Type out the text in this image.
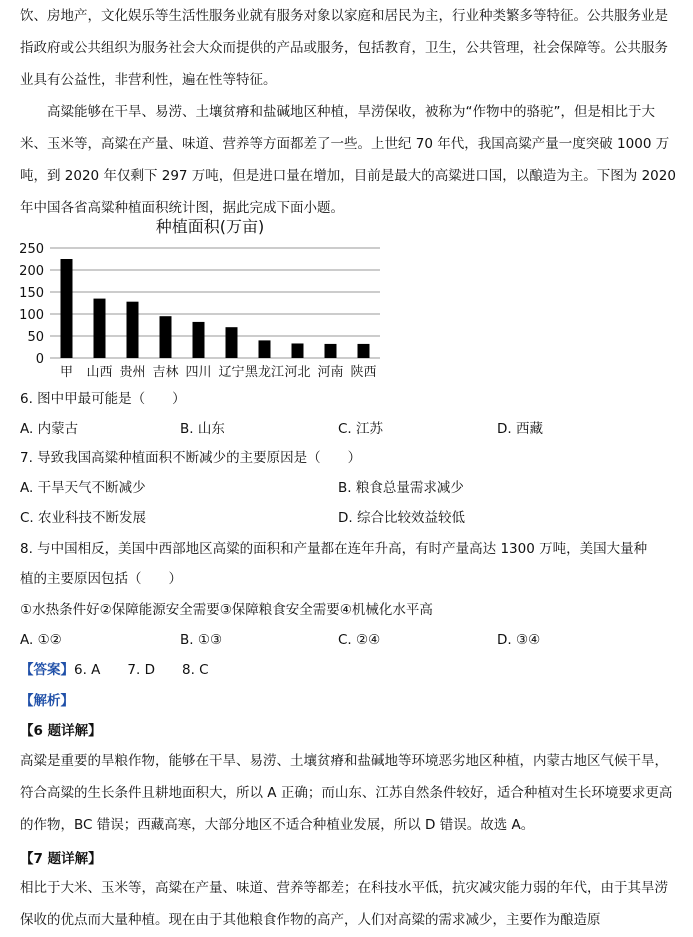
饮、房地产，文化娱乐等生活性服务业就有服务对象以家庭和居民为主，行业种类繁多等特征。公共服务业是指政府或公共组织为服务社会大众而提供的产品或服务，包括教育，卫生，公共管理，社会保障等。公共服务业具有公益性，非营利性，遍在性等特征。
高粱能够在干旱、易涝、土壤贫瘠和盐碱地区种植，旱涝保收，被称为“作物中的骆驼”，但是相比于大米、玉米等，高粱在产量、味道、营养等方面都差了一些。上世纪 70 年代，我国高粱产量一度突破 1000 万吨，到 2020 年仅剩下 297 万吨，但是进口量在增加，目前是最大的高粱进口国，以酿造为主。下图为 2020 年中国各省高粱种植面积统计图，据此完成下面小题。
种植面积(万亩)
0
50
100
150
200
250
甲 山西 贵州 吉林 四川 辽宁 黑龙江 河北 河南 陕西
6. 图中甲最可能是（　　）
A. 内蒙古	B. 山东	C. 江苏	D. 西藏
7. 导致我国高粱种植面积不断减少的主要原因是（　　）
A. 干旱天气不断减少	B. 粮食总量需求减少
C. 农业科技不断发展	D. 综合比较效益较低
8. 与中国相反，美国中西部地区高粱的面积和产量都在连年升高，有时产量高达 1300 万吨，美国大量种
植的主要原因包括（　　）
①水热条件好②保障能源安全需要③保障粮食安全需要④机械化水平高
A. ①②	B. ①③	C. ②④	D. ③④
【答案】6. A　　7. D　　8. C
【解析】
【6 题详解】
高粱是重要的旱粮作物，能够在干旱、易涝、土壤贫瘠和盐碱地等环境恶劣地区种植，内蒙古地区气候干旱，符合高粱的生长条件且耕地面积大，所以 A 正确；而山东、江苏自然条件较好，适合种植对生长环境要求更高的作物，BC 错误；西藏高寒，大部分地区不适合种植业发展，所以 D 错误。故选 A。
【7 题详解】
相比于大米、玉米等，高粱在产量、味道、营养等都差；在科技水平低，抗灾减灾能力弱的年代，由于其旱涝保收的优点而大量种植。现在由于其他粮食作物的高产，人们对高粱的需求减少，主要作为酿造原
